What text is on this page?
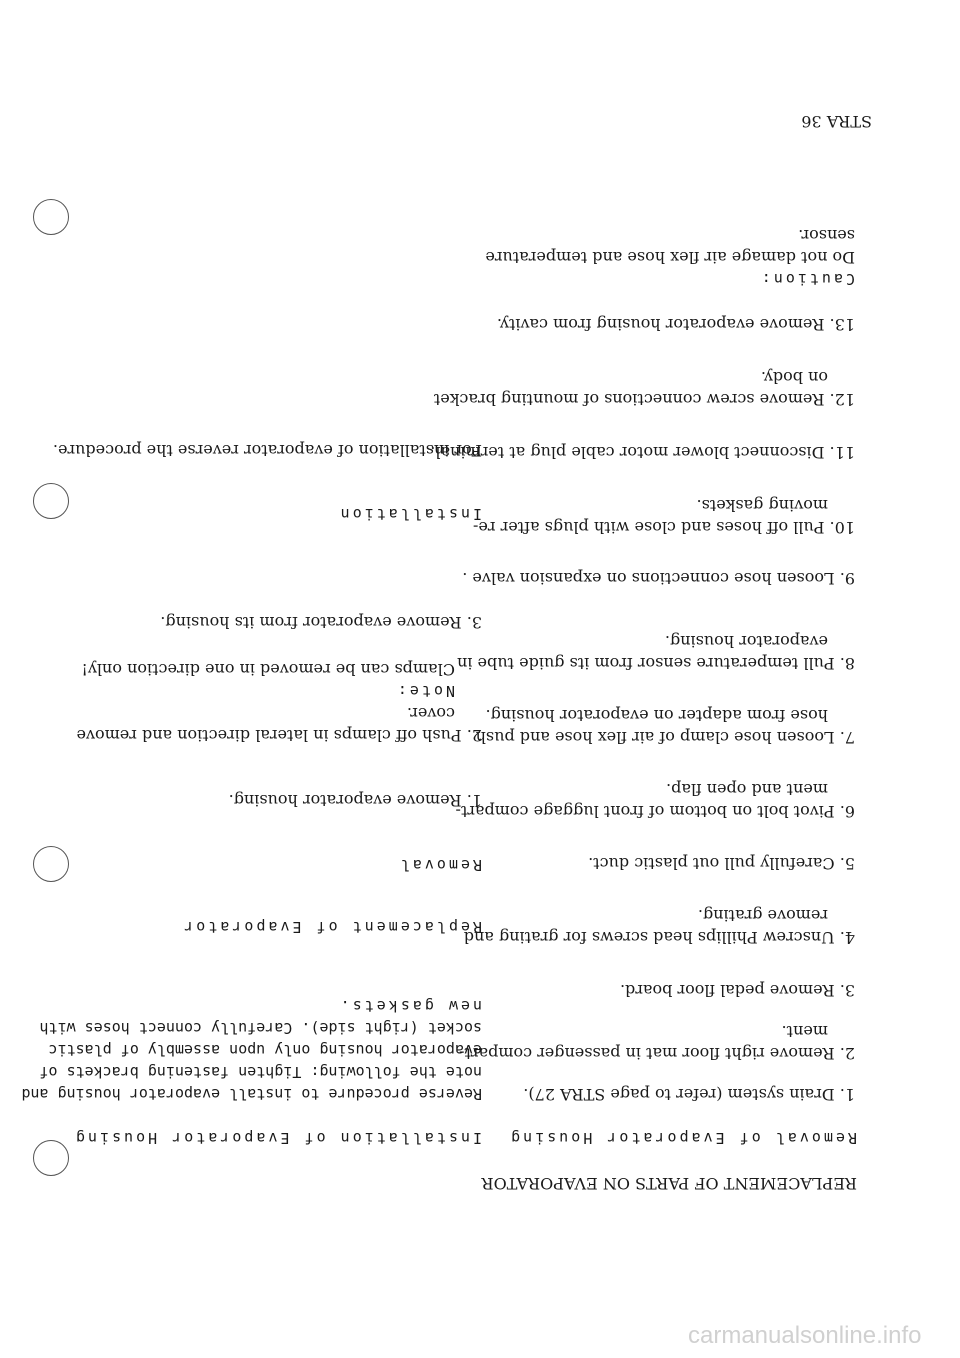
REPLACEMENT OF PARTS ON EVAPORATOR
Removal of Evaporator Housing
1. Drain system (refer to page STRA 27).
2. Remove right floor mat in passenger compart-
ment.
3. Remove pedal floor board.
4. Unscrew Phillips head screws for grating and
remove grating.
5. Carefully pull out plastic duct.
6. Pivot bolt on bottom of front luggage compart-
ment and open flap.
7. Loosen hose clamp of air flex hose and push
hose from adapter on evaporator housing.
8. Pull temperature sensor from its guide tube in
evaporator housing.
9. Loosen hose connections on expansion valve .
10. Pull off hoses and close with plugs after re-
moving gaskets.
11. Disconnect blower motor cable plug at terminal.
12. Remove screw connections of mounting bracket
on body.
13. Remove evaporator housing from cavity.
Caution:
Do not damage air flex hose and temperature
sensor.
STRA 36
Installation of Evaporator Housing
Reverse procedure to install evaporator housing and
note the following: Tighten fastening brackets of
evaporator housing only upon assembly of plastic
socket (right side). Carefully connect hoses with
new gaskets.
Replacement of Evaporator
Removal
1. Remove evaporator housing.
2. Push off clamps in lateral direction and remove
cover.
Note:
Clamps can be removed in one direction only!
3. Remove evaporator from its housing.
Installation
For installation of evaporator reverse the procedure.
carmanualsonline.info
